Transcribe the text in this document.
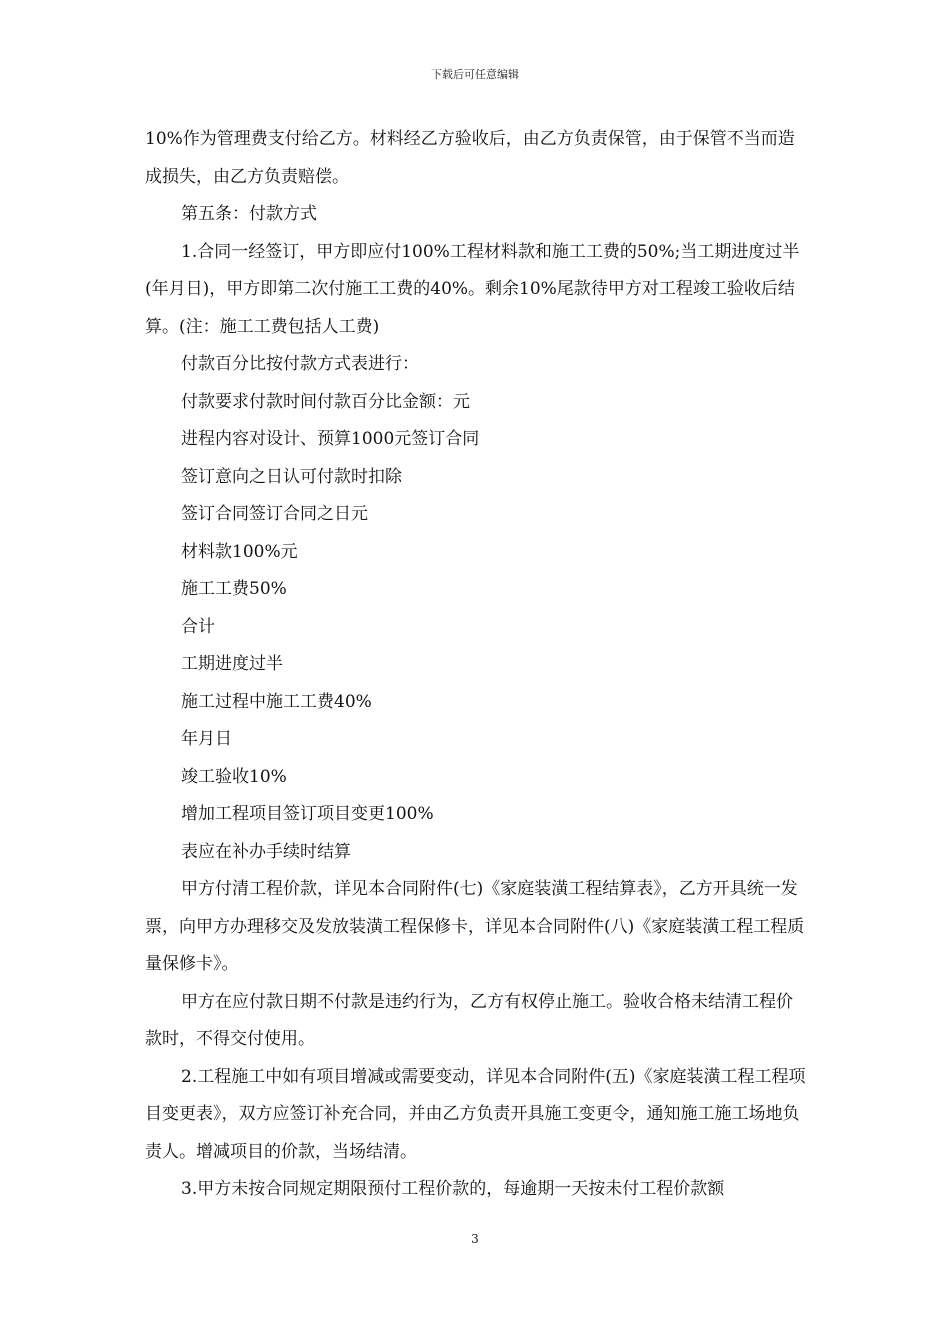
下载后可任意编辑

10%作为管理费支付给乙方。材料经乙方验收后，由乙方负责保管，由于保管不当而造成损失，由乙方负责赔偿。

第五条：付款方式

1.合同一经签订，甲方即应付100%工程材料款和施工工费的50%;当工期进度过半(年月日)，甲方即第二次付施工工费的40%。剩余10%尾款待甲方对工程竣工验收后结算。(注：施工工费包括人工费)

付款百分比按付款方式表进行：

付款要求付款时间付款百分比金额：元

进程内容对设计、预算1000元签订合同

签订意向之日认可付款时扣除

签订合同签订合同之日元

材料款100%元

施工工费50%

合计

工期进度过半

施工过程中施工工费40%

年月日

竣工验收10%

增加工程项目签订项目变更100%

表应在补办手续时结算

甲方付清工程价款，详见本合同附件(七)《家庭装潢工程结算表》，乙方开具统一发票，向甲方办理移交及发放装潢工程保修卡，详见本合同附件(八)《家庭装潢工程工程质量保修卡》。

甲方在应付款日期不付款是违约行为，乙方有权停止施工。验收合格未结清工程价款时，不得交付使用。

2.工程施工中如有项目增减或需要变动，详见本合同附件(五)《家庭装潢工程工程项目变更表》，双方应签订补充合同，并由乙方负责开具施工变更令，通知施工施工场地负责人。增减项目的价款，当场结清。

3.甲方未按合同规定期限预付工程价款的，每逾期一天按未付工程价款额

3
